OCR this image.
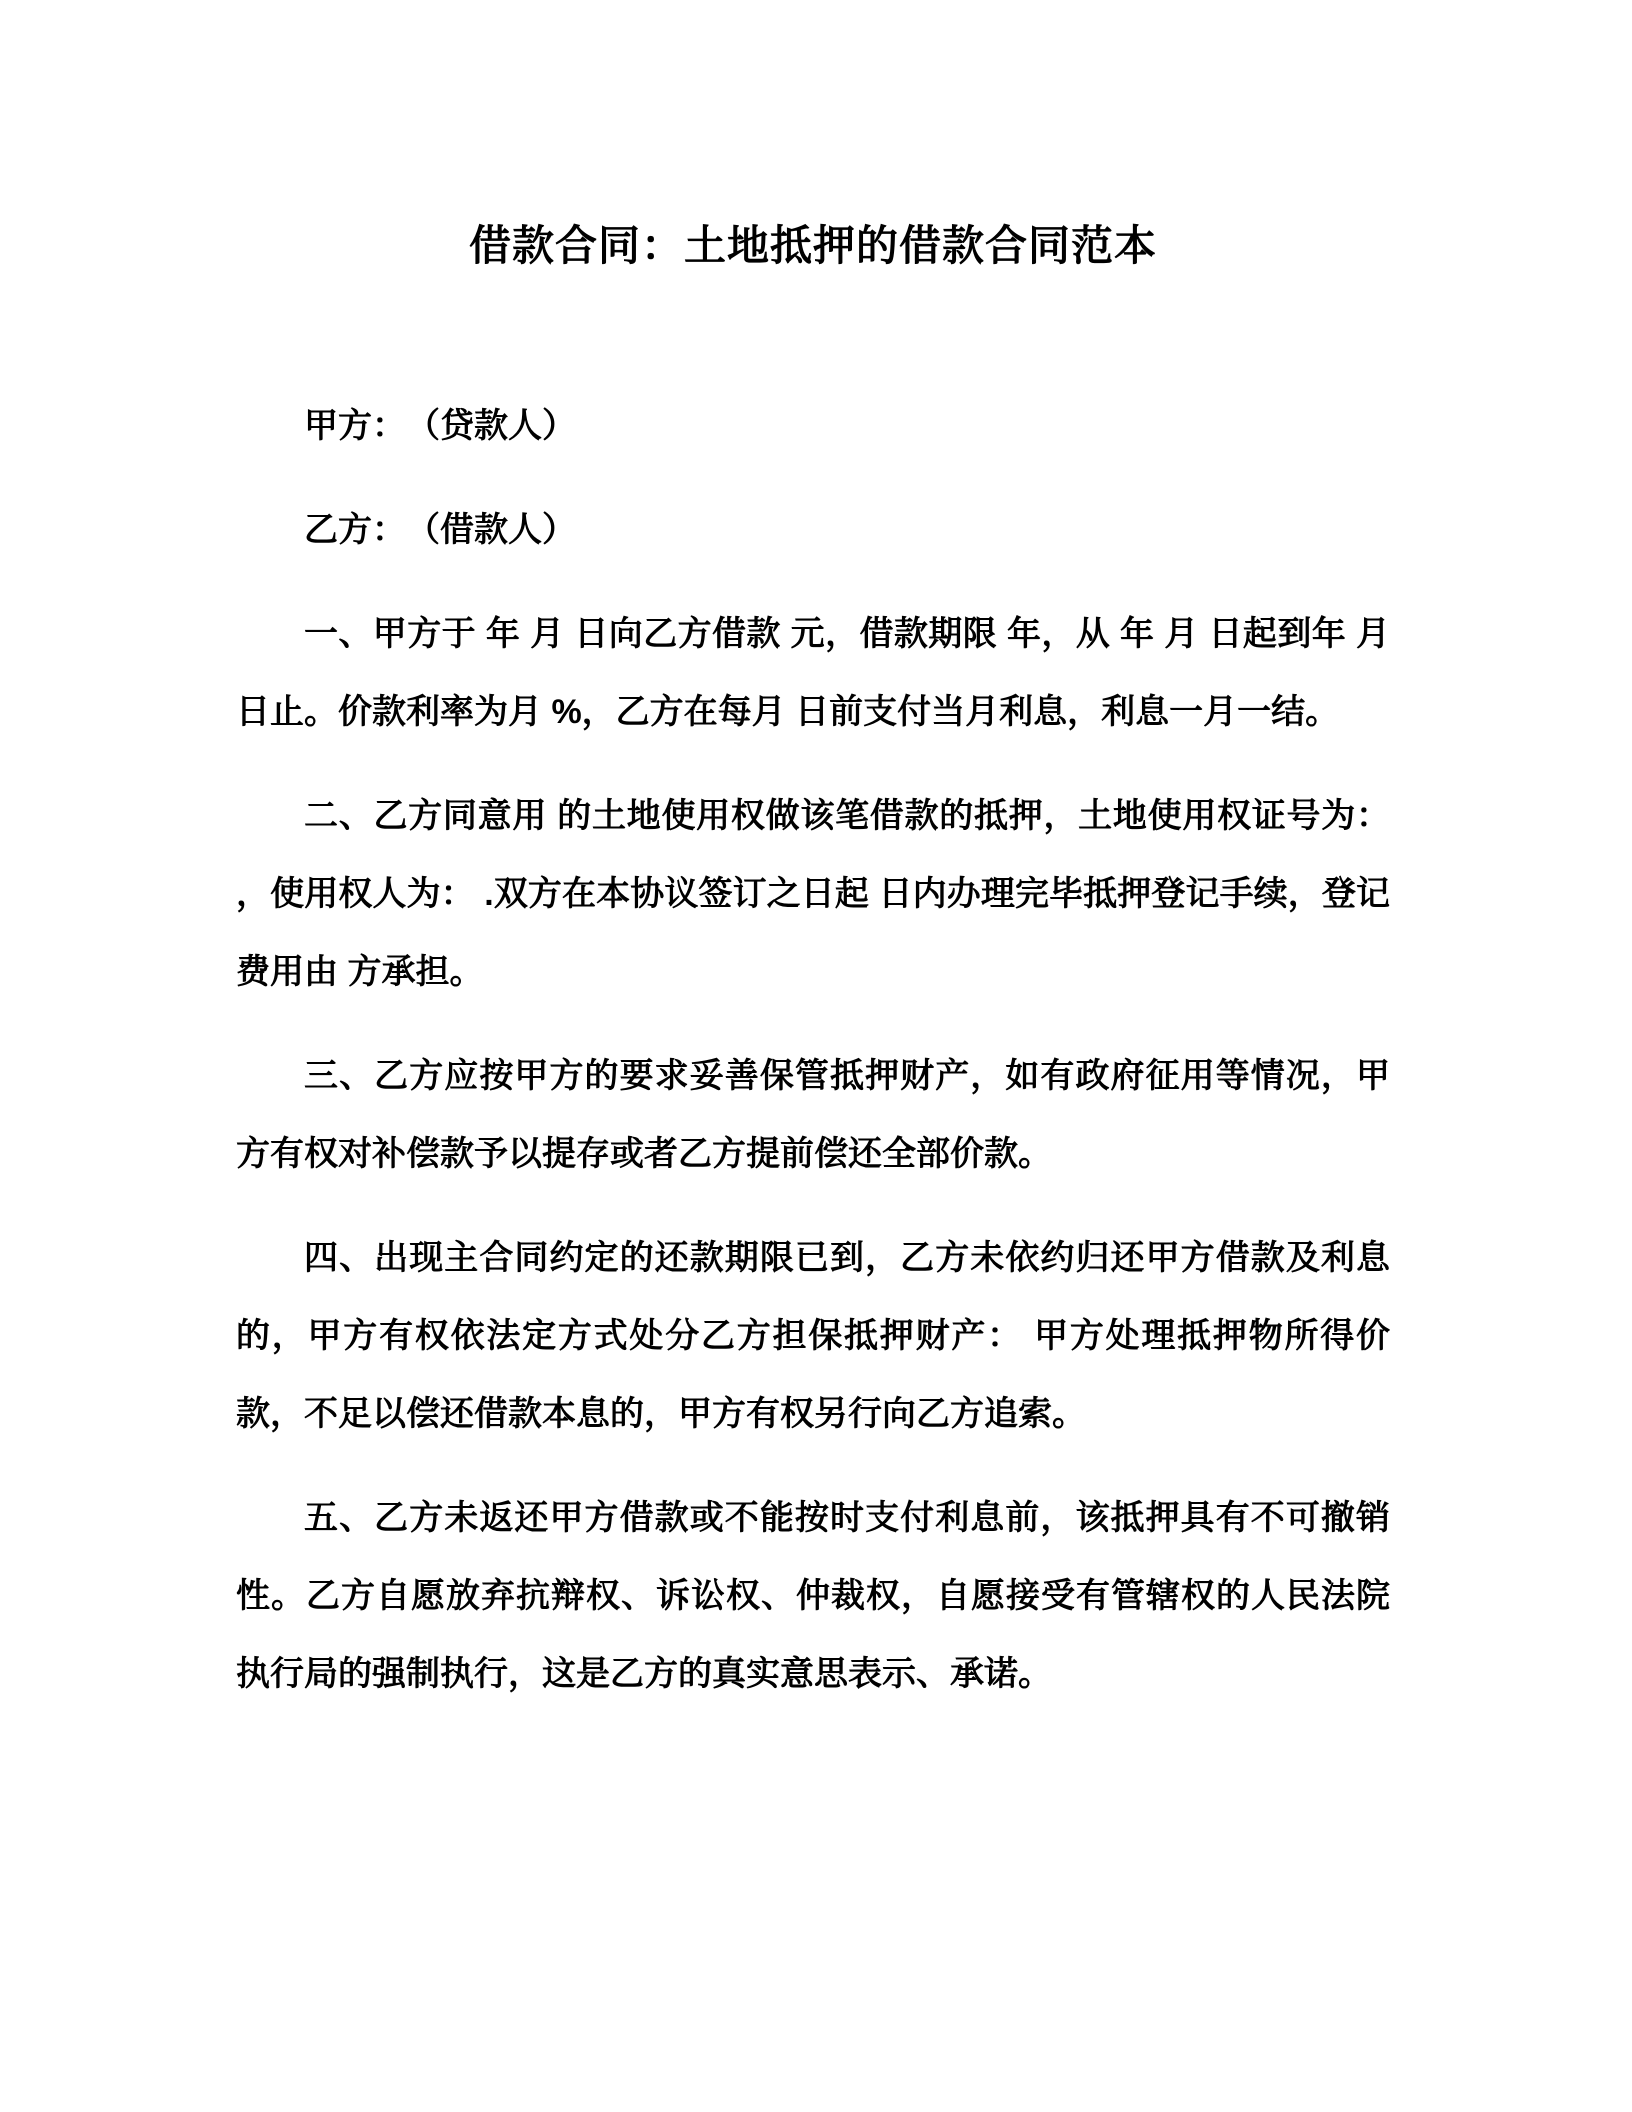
借款合同：土地抵押的借款合同范本

甲方：　（贷款人）

乙方：　（借款人）

一、甲方于 年 月 日向乙方借款 元，借款期限 年，从 年 月 日起到年 月 日止。价款利率为月 %，乙方在每月 日前支付当月利息，利息一月一结。

二、乙方同意用 的土地使用权做该笔借款的抵押，土地使用权证号为： ，使用权人为： .双方在本协议签订之日起 日内办理完毕抵押登记手续，登记费用由 方承担。

三、乙方应按甲方的要求妥善保管抵押财产，如有政府征用等情况，甲方有权对补偿款予以提存或者乙方提前偿还全部价款。

四、出现主合同约定的还款期限已到，乙方未依约归还甲方借款及利息的，甲方有权依法定方式处分乙方担保抵押财产： 甲方处理抵押物所得价款，不足以偿还借款本息的，甲方有权另行向乙方追索。

五、乙方未返还甲方借款或不能按时支付利息前，该抵押具有不可撤销性。乙方自愿放弃抗辩权、诉讼权、仲裁权，自愿接受有管辖权的人民法院执行局的强制执行，这是乙方的真实意思表示、承诺。
